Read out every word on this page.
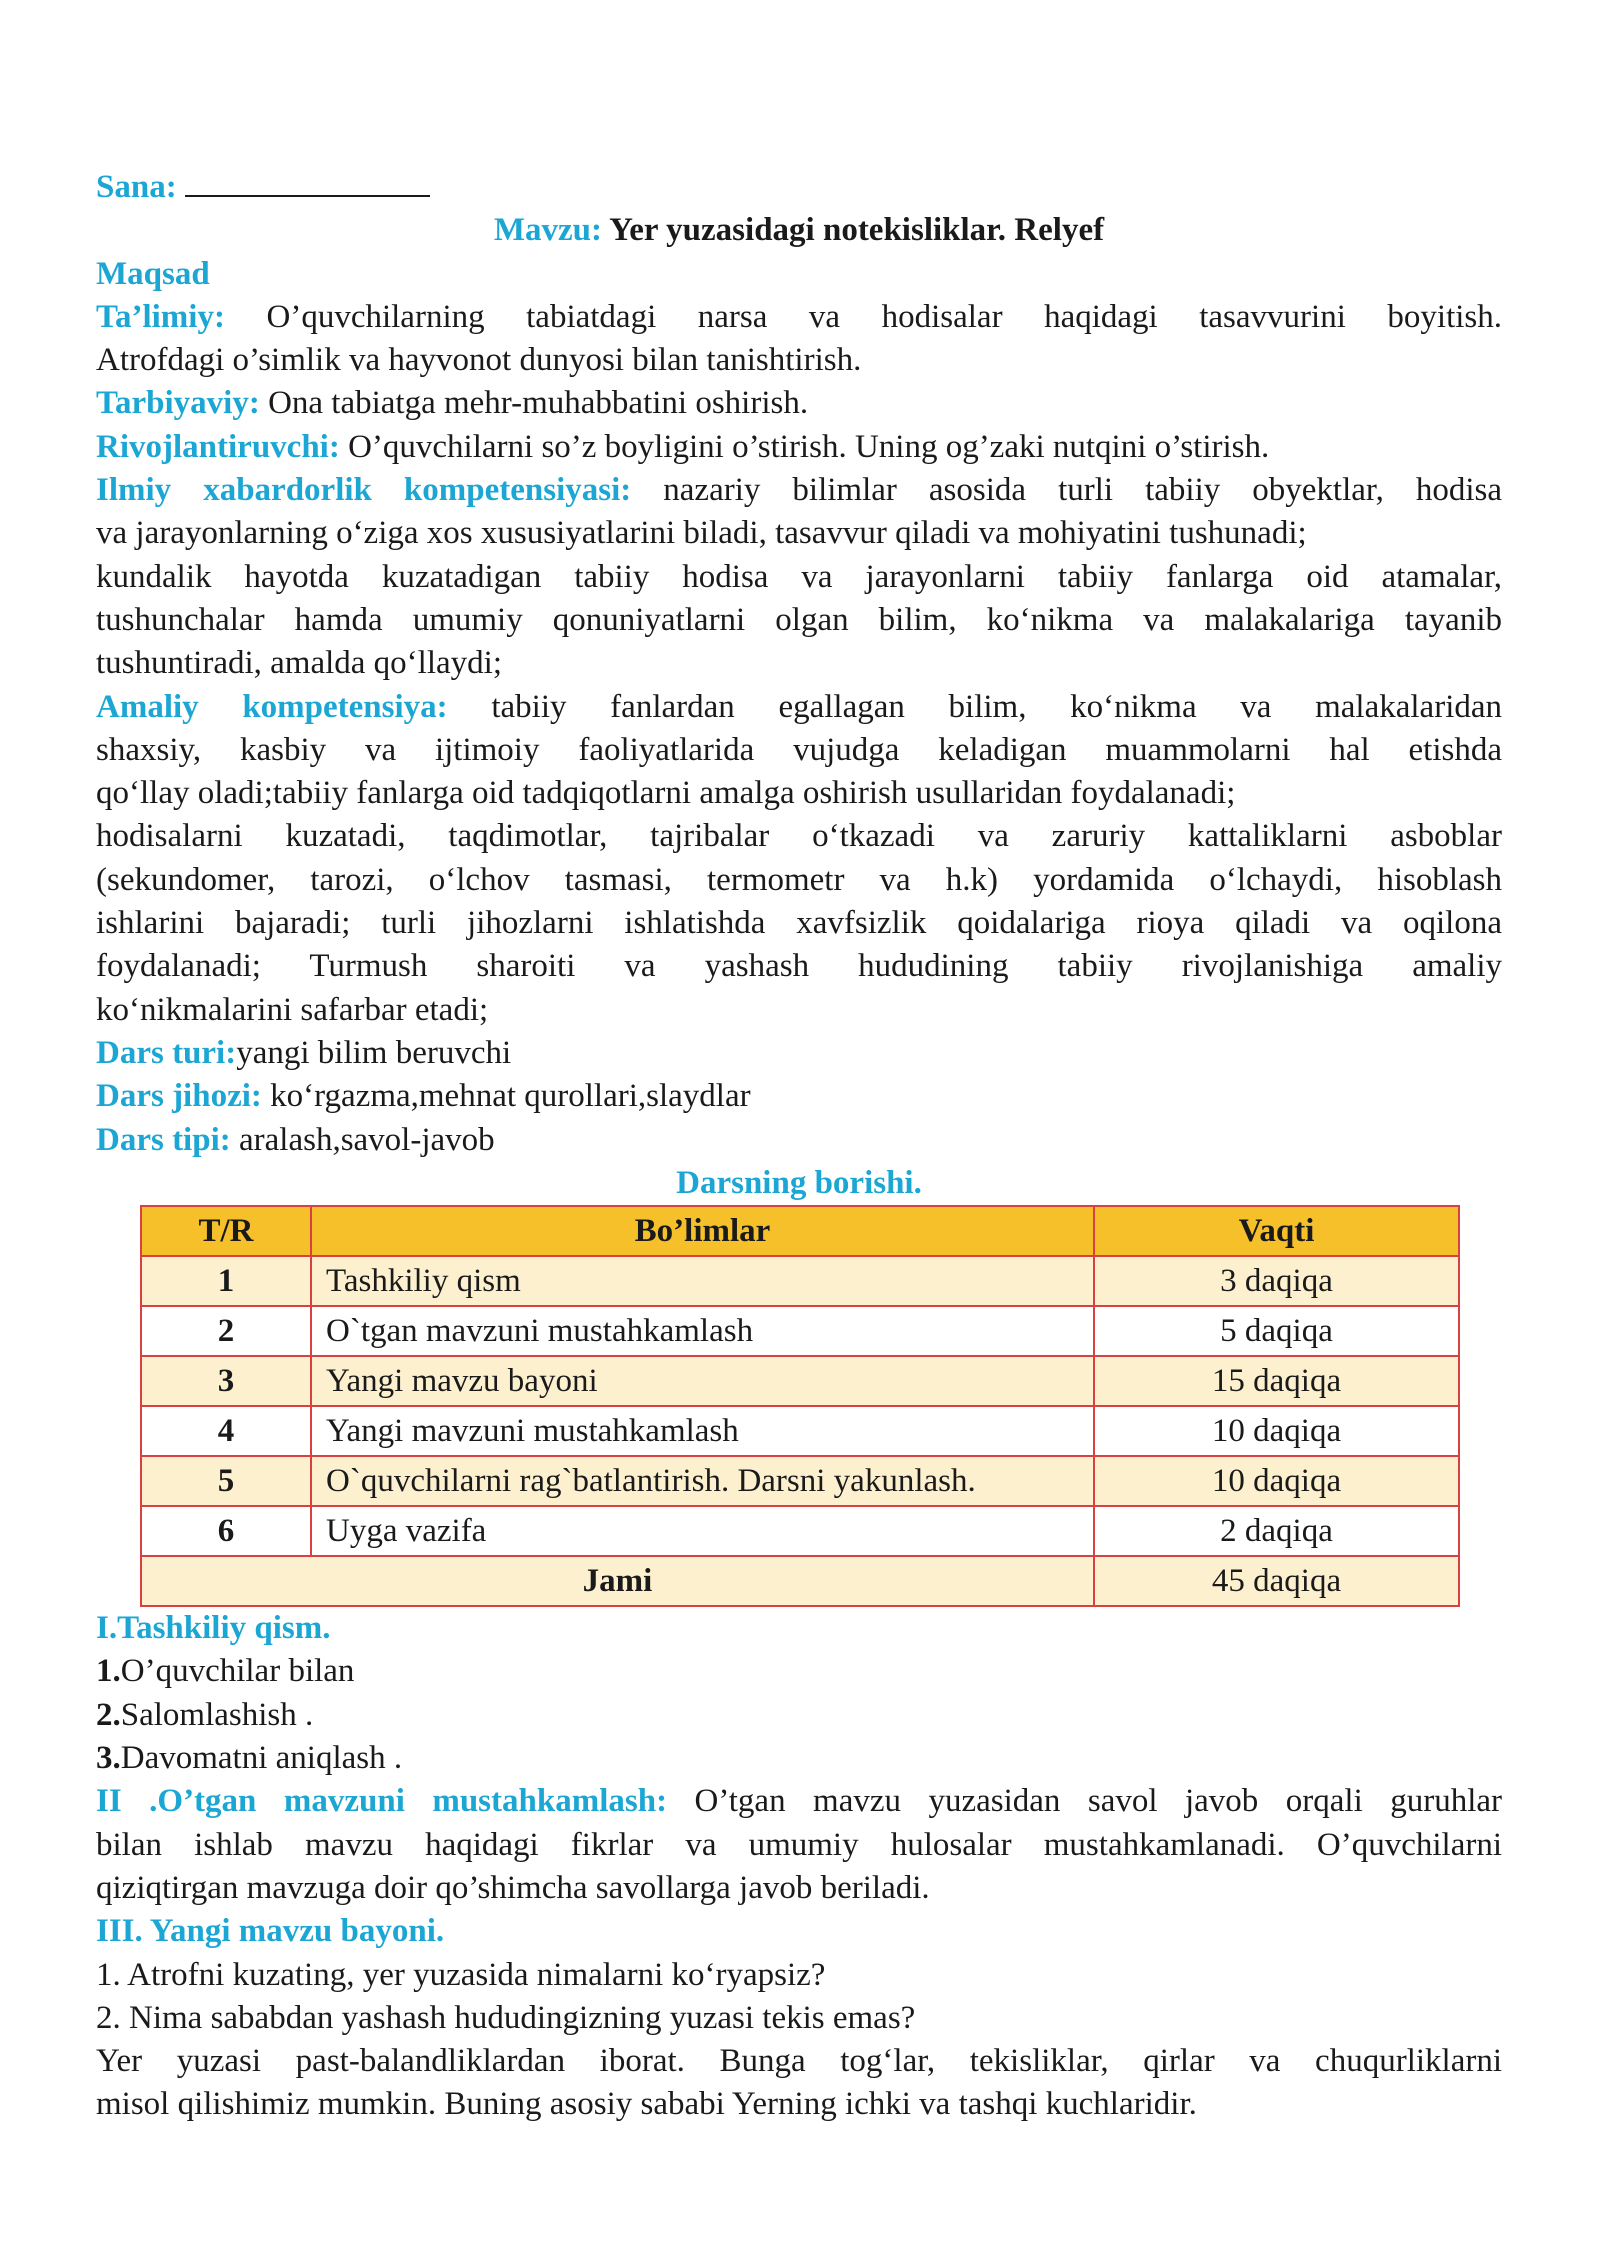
Sana:
Mavzu: Yer yuzasidagi notekisliklar. Relyef
Maqsad
Ta’limiy: O’quvchilarning tabiatdagi narsa va hodisalar haqidagi tasavvurini boyitish.
Atrofdagi o’simlik va hayvonot dunyosi bilan tanishtirish.
Tarbiyaviy: Ona tabiatga mehr-muhabbatini oshirish.
Rivojlantiruvchi: O’quvchilarni so’z boyligini o’stirish. Uning og’zaki nutqini o’stirish.
Ilmiy xabardorlik kompetensiyasi: nazariy bilimlar asosida turli tabiiy obyektlar, hodisa
va jarayonlarning o‘ziga xos xususiyatlarini biladi, tasavvur qiladi va mohiyatini tushunadi;
kundalik hayotda kuzatadigan tabiiy hodisa va jarayonlarni tabiiy fanlarga oid atamalar,
tushunchalar hamda umumiy qonuniyatlarni olgan bilim, ko‘nikma va malakalariga tayanib
tushuntiradi, amalda qo‘llaydi;
Amaliy kompetensiya: tabiiy fanlardan egallagan bilim, ko‘nikma va malakalaridan
shaxsiy, kasbiy va ijtimoiy faoliyatlarida vujudga keladigan muammolarni hal etishda
qo‘llay oladi;tabiiy fanlarga oid tadqiqotlarni amalga oshirish usullaridan foydalanadi;
hodisalarni kuzatadi, taqdimotlar, tajribalar o‘tkazadi va zaruriy kattaliklarni asboblar
(sekundomer, tarozi, o‘lchov tasmasi, termometr va h.k) yordamida o‘lchaydi, hisoblash
ishlarini bajaradi; turli jihozlarni ishlatishda xavfsizlik qoidalariga rioya qiladi va oqilona
foydalanadi; Turmush sharoiti va yashash hududining tabiiy rivojlanishiga amaliy
ko‘nikmalarini safarbar etadi;
Dars turi:yangi bilim beruvchi
Dars jihozi: ko‘rgazma,mehnat qurollari,slaydlar
Dars tipi: aralash,savol-javob
Darsning borishi.
T/R	Bo’limlar	Vaqti
1	Tashkiliy qism	3 daqiqa
2	O`tgan mavzuni mustahkamlash	5 daqiqa
3	Yangi mavzu bayoni	15 daqiqa
4	Yangi mavzuni mustahkamlash	10 daqiqa
5	O`quvchilarni rag`batlantirish. Darsni yakunlash.	10 daqiqa
6	Uyga vazifa	2 daqiqa
Jami		45 daqiqa
I.Tashkiliy qism.
1.O’quvchilar bilan
2.Salomlashish .
3.Davomatni aniqlash .
II .O’tgan mavzuni mustahkamlash: O’tgan mavzu yuzasidan savol javob orqali guruhlar
bilan ishlab mavzu haqidagi fikrlar va umumiy hulosalar mustahkamlanadi. O’quvchilarni
qiziqtirgan mavzuga doir qo’shimcha savollarga javob beriladi.
III. Yangi mavzu bayoni.
1. Atrofni kuzating, yer yuzasida nimalarni ko‘ryapsiz?
2. Nima sababdan yashash hududingizning yuzasi tekis emas?
Yer yuzasi past-balandliklardan iborat. Bunga tog‘lar, tekisliklar, qirlar va chuqurliklarni
misol qilishimiz mumkin. Buning asosiy sababi Yerning ichki va tashqi kuchlaridir.
